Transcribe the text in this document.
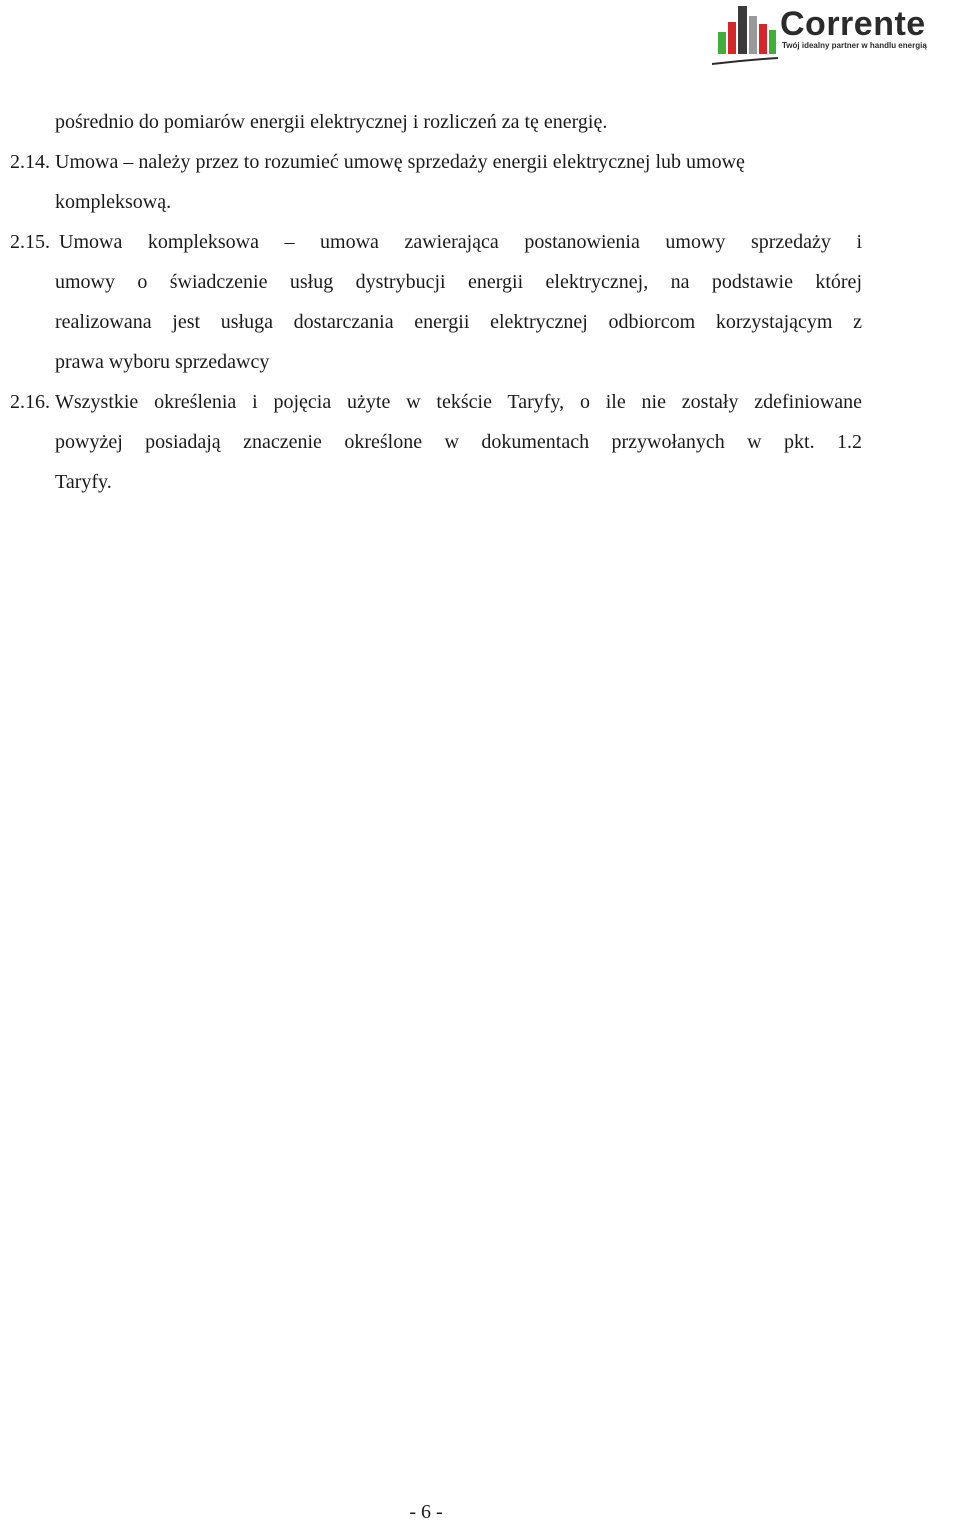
Corrente
Twój idealny partner w handlu energią
pośrednio do pomiarów energii elektrycznej i rozliczeń za tę energię.
2.14. Umowa – należy przez to rozumieć umowę sprzedaży energii elektrycznej lub umowę
kompleksową.
2.15. Umowa kompleksowa – umowa zawierająca postanowienia umowy sprzedaży i
umowy o świadczenie usług dystrybucji energii elektrycznej, na podstawie której
realizowana jest usługa dostarczania energii elektrycznej odbiorcom korzystającym z
prawa wyboru sprzedawcy
2.16. Wszystkie określenia i pojęcia użyte w tekście Taryfy, o ile nie zostały zdefiniowane
powyżej posiadają znaczenie określone w dokumentach przywołanych w pkt. 1.2
Taryfy.
- 6 -
